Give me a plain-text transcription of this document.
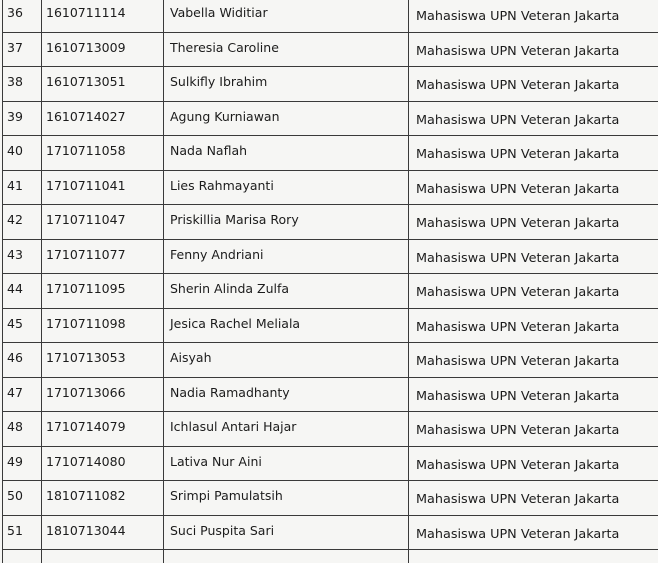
36	1610711114	Vabella Widitiar	Mahasiswa UPN Veteran Jakarta

37	1610713009	Theresia Caroline	Mahasiswa UPN Veteran Jakarta

38	1610713051	Sulkifly Ibrahim	Mahasiswa UPN Veteran Jakarta

39	1610714027	Agung Kurniawan	Mahasiswa UPN Veteran Jakarta

40	1710711058	Nada Naflah	Mahasiswa UPN Veteran Jakarta

41	1710711041	Lies Rahmayanti	Mahasiswa UPN Veteran Jakarta

42	1710711047	Priskillia Marisa Rory	Mahasiswa UPN Veteran Jakarta

43	1710711077	Fenny Andriani	Mahasiswa UPN Veteran Jakarta

44	1710711095	Sherin Alinda Zulfa	Mahasiswa UPN Veteran Jakarta

45	1710711098	Jesica Rachel Meliala	Mahasiswa UPN Veteran Jakarta

46	1710713053	Aisyah	Mahasiswa UPN Veteran Jakarta

47	1710713066	Nadia Ramadhanty	Mahasiswa UPN Veteran Jakarta

48	1710714079	Ichlasul Antari Hajar	Mahasiswa UPN Veteran Jakarta

49	1710714080	Lativa Nur Aini	Mahasiswa UPN Veteran Jakarta

50	1810711082	Srimpi Pamulatsih	Mahasiswa UPN Veteran Jakarta

51	1810713044	Suci Puspita Sari	Mahasiswa UPN Veteran Jakarta
